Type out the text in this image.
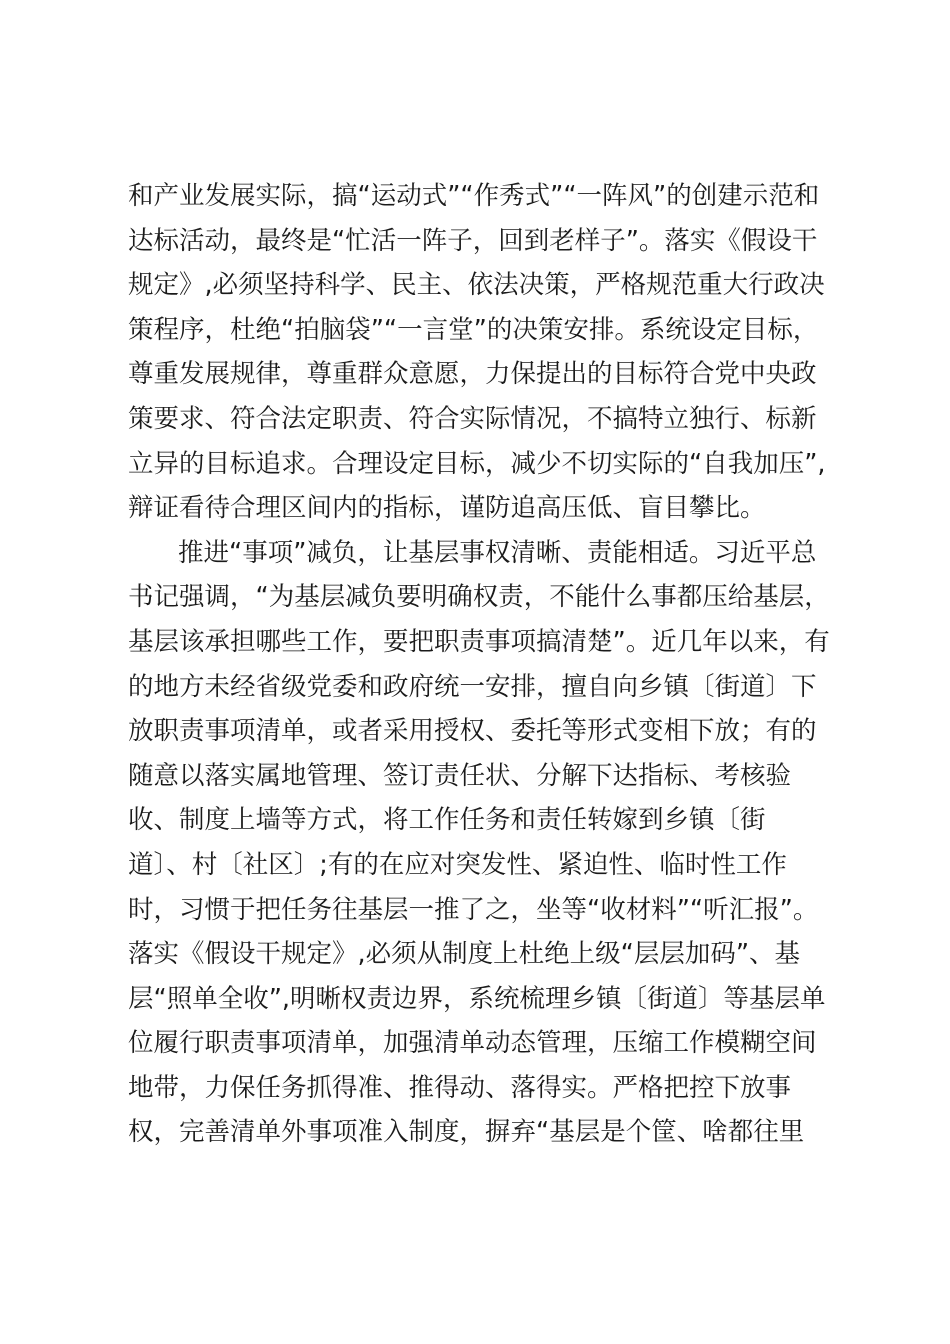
和产业发展实际，搞“运动式”“作秀式”“一阵风”的创建示范和
达标活动，最终是“忙活一阵子，回到老样子”。落实《假设干
规定》,必须坚持科学、民主、依法决策，严格规范重大行政决
策程序，杜绝“拍脑袋”“一言堂”的决策安排。系统设定目标，
尊重发展规律，尊重群众意愿，力保提出的目标符合党中央政
策要求、符合法定职责、符合实际情况，不搞特立独行、标新
立异的目标追求。合理设定目标，减少不切实际的“自我加压”,
辩证看待合理区间内的指标，谨防追高压低、盲目攀比。
推进“事项”减负，让基层事权清晰、责能相适。习近平总
书记强调，“为基层减负要明确权责，不能什么事都压给基层，
基层该承担哪些工作，要把职责事项搞清楚”。近几年以来，有
的地方未经省级党委和政府统一安排，擅自向乡镇〔街道〕下
放职责事项清单，或者采用授权、委托等形式变相下放；有的
随意以落实属地管理、签订责任状、分解下达指标、考核验
收、制度上墙等方式，将工作任务和责任转嫁到乡镇〔街
道〕、村〔社区〕;有的在应对突发性、紧迫性、临时性工作
时，习惯于把任务往基层一推了之，坐等“收材料”“听汇报”。
落实《假设干规定》,必须从制度上杜绝上级“层层加码”、基
层“照单全收”,明晰权责边界，系统梳理乡镇〔街道〕等基层单
位履行职责事项清单，加强清单动态管理，压缩工作模糊空间
地带，力保任务抓得准、推得动、落得实。严格把控下放事
权，完善清单外事项准入制度，摒弃“基层是个筐、啥都往里
